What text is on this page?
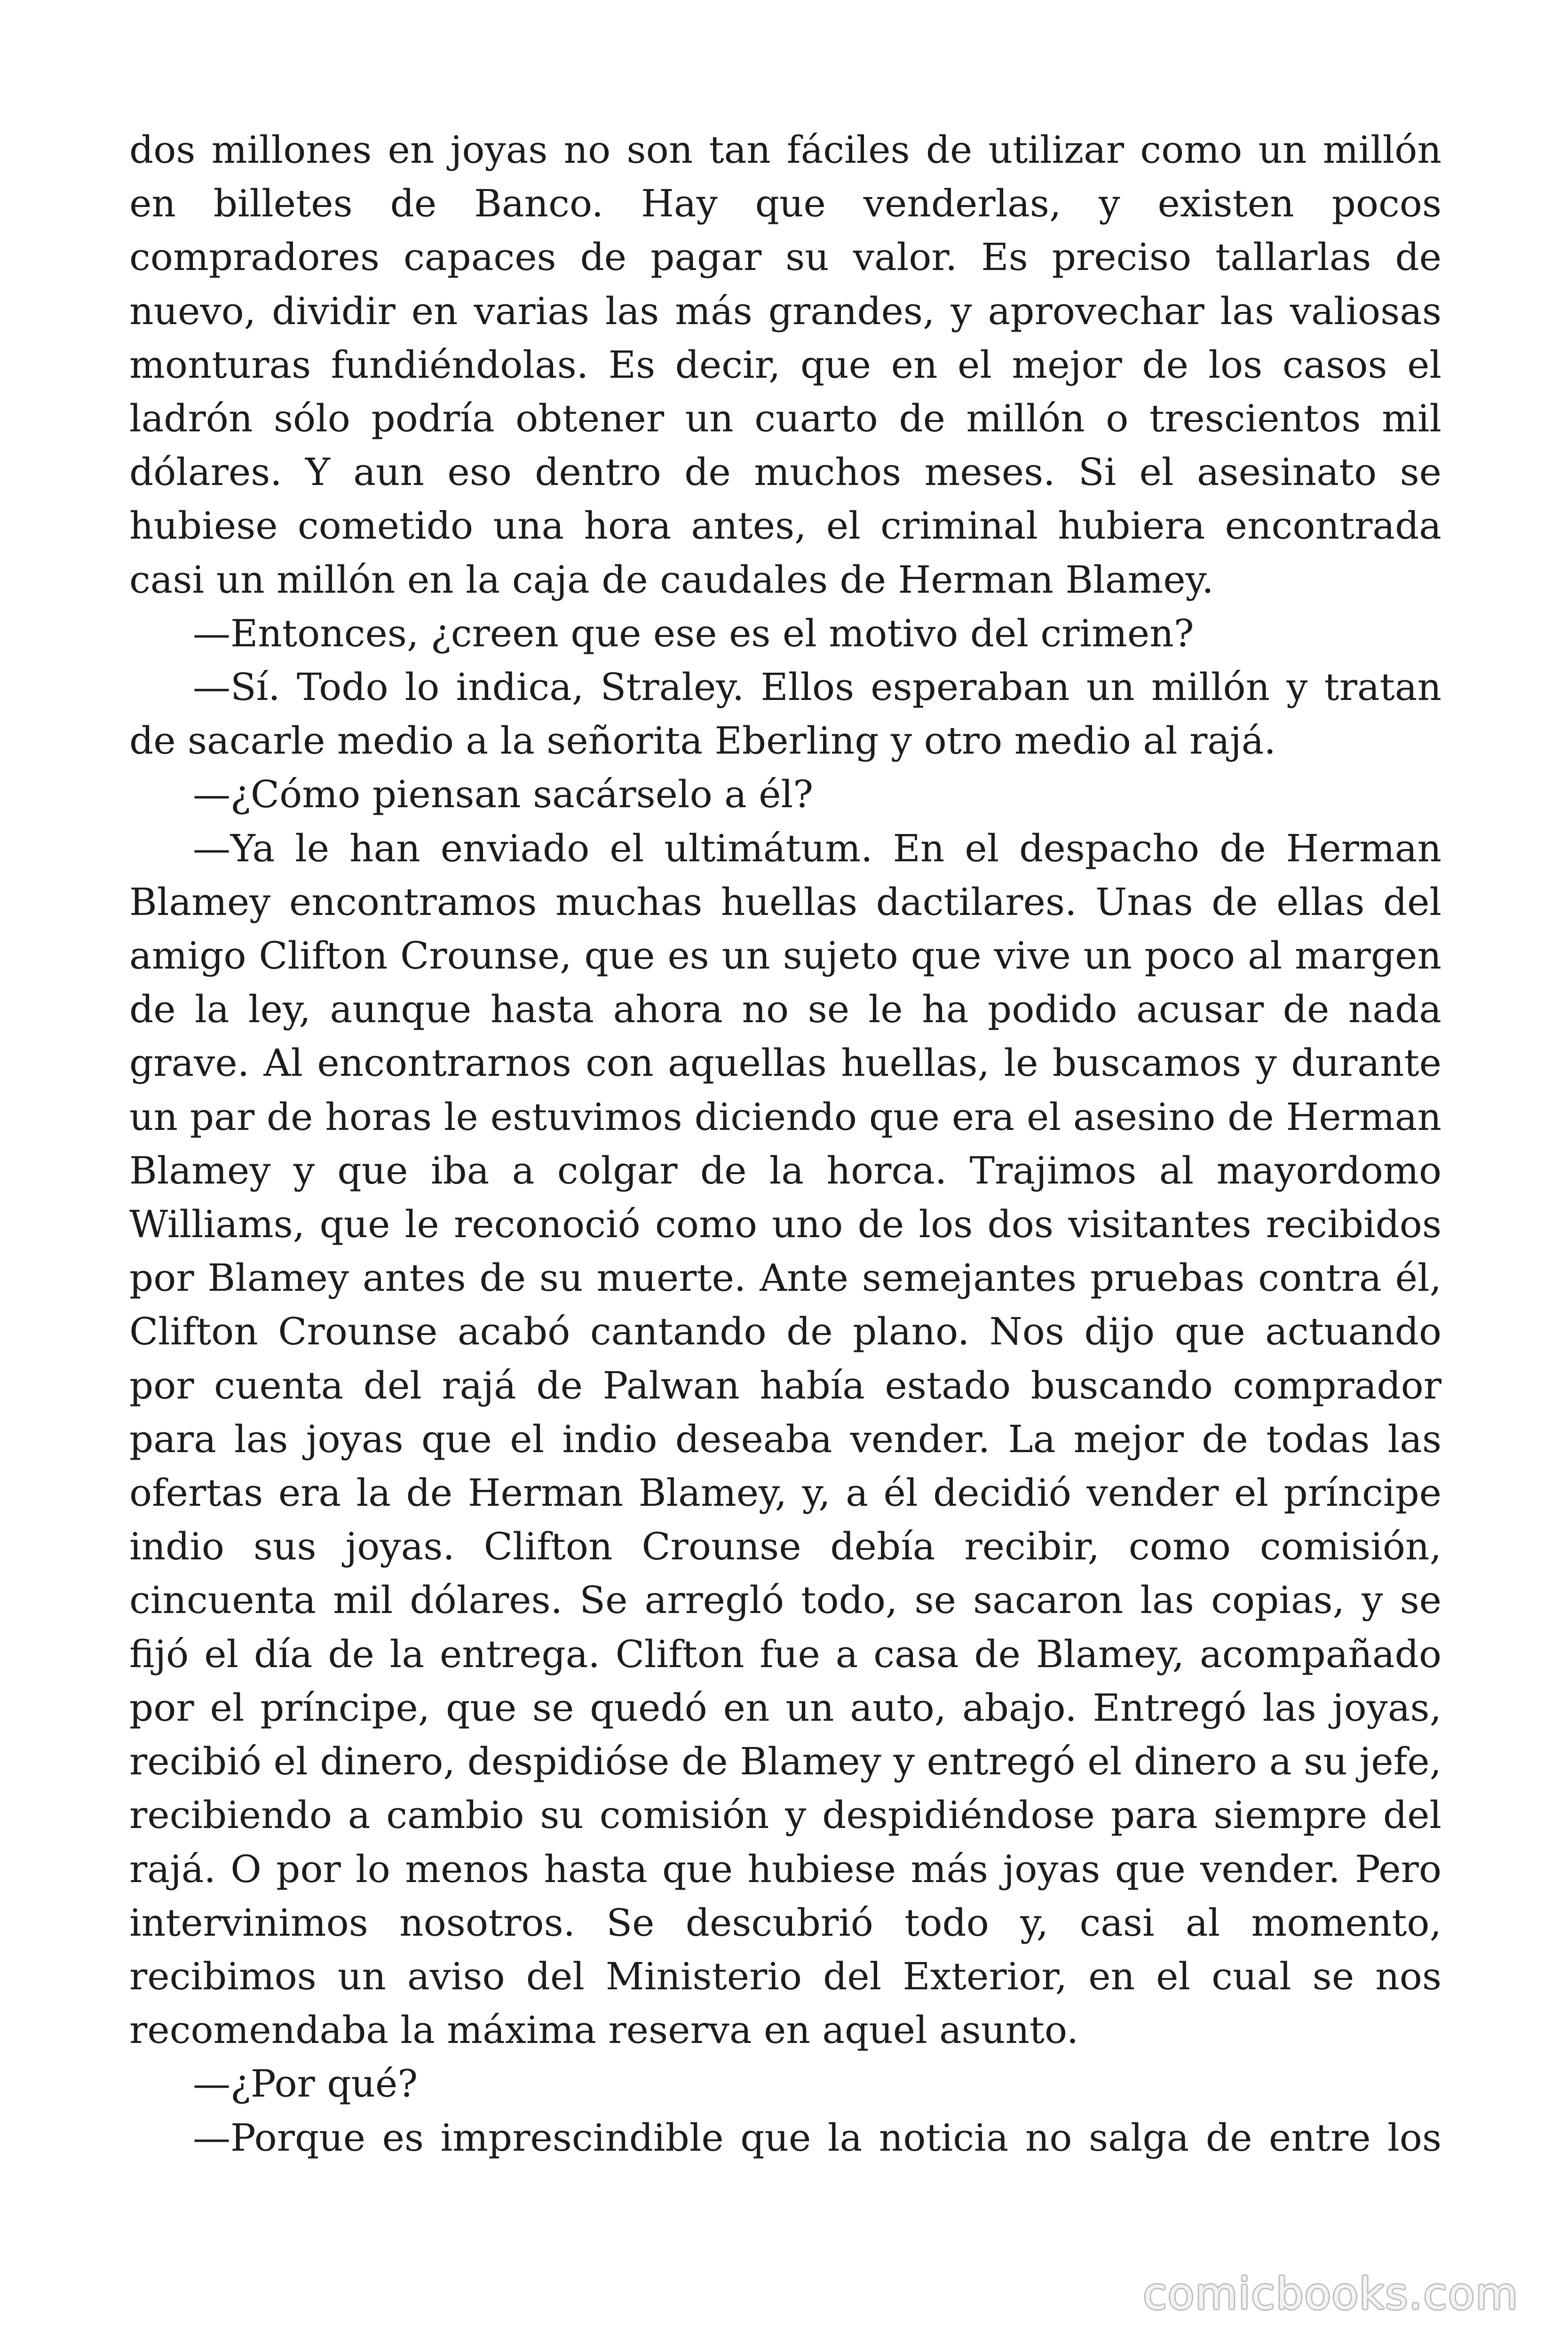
dos millones en joyas no son tan fáciles de utilizar como un millón en billetes de Banco. Hay que venderlas, y existen pocos compradores capaces de pagar su valor. Es preciso tallarlas de nuevo, dividir en varias las más grandes, y aprovechar las valiosas monturas fundiéndolas. Es decir, que en el mejor de los casos el ladrón sólo podría obtener un cuarto de millón o trescientos mil dólares. Y aun eso dentro de muchos meses. Si el asesinato se hubiese cometido una hora antes, el criminal hubiera encontrada casi un millón en la caja de caudales de Herman Blamey.

—Entonces, ¿creen que ese es el motivo del crimen?

—Sí. Todo lo indica, Straley. Ellos esperaban un millón y tratan de sacarle medio a la señorita Eberling y otro medio al rajá.

—¿Cómo piensan sacárselo a él?

—Ya le han enviado el ultimátum. En el despacho de Herman Blamey encontramos muchas huellas dactilares. Unas de ellas del amigo Clifton Crounse, que es un sujeto que vive un poco al margen de la ley, aunque hasta ahora no se le ha podido acusar de nada grave. Al encontrarnos con aquellas huellas, le buscamos y durante un par de horas le estuvimos diciendo que era el asesino de Herman Blamey y que iba a colgar de la horca. Trajimos al mayordomo Williams, que le reconoció como uno de los dos visitantes recibidos por Blamey antes de su muerte. Ante semejantes pruebas contra él, Clifton Crounse acabó cantando de plano. Nos dijo que actuando por cuenta del rajá de Palwan había estado buscando comprador para las joyas que el indio deseaba vender. La mejor de todas las ofertas era la de Herman Blamey, y, a él decidió vender el príncipe indio sus joyas. Clifton Crounse debía recibir, como comisión, cincuenta mil dólares. Se arregló todo, se sacaron las copias, y se fijó el día de la entrega. Clifton fue a casa de Blamey, acompañado por el príncipe, que se quedó en un auto, abajo. Entregó las joyas, recibió el dinero, despidióse de Blamey y entregó el dinero a su jefe, recibiendo a cambio su comisión y despidiéndose para siempre del rajá. O por lo menos hasta que hubiese más joyas que vender. Pero intervinimos nosotros. Se descubrió todo y, casi al momento, recibimos un aviso del Ministerio del Exterior, en el cual se nos recomendaba la máxima reserva en aquel asunto.

—¿Por qué?

—Porque es imprescindible que la noticia no salga de entre los

comicbooks.com
